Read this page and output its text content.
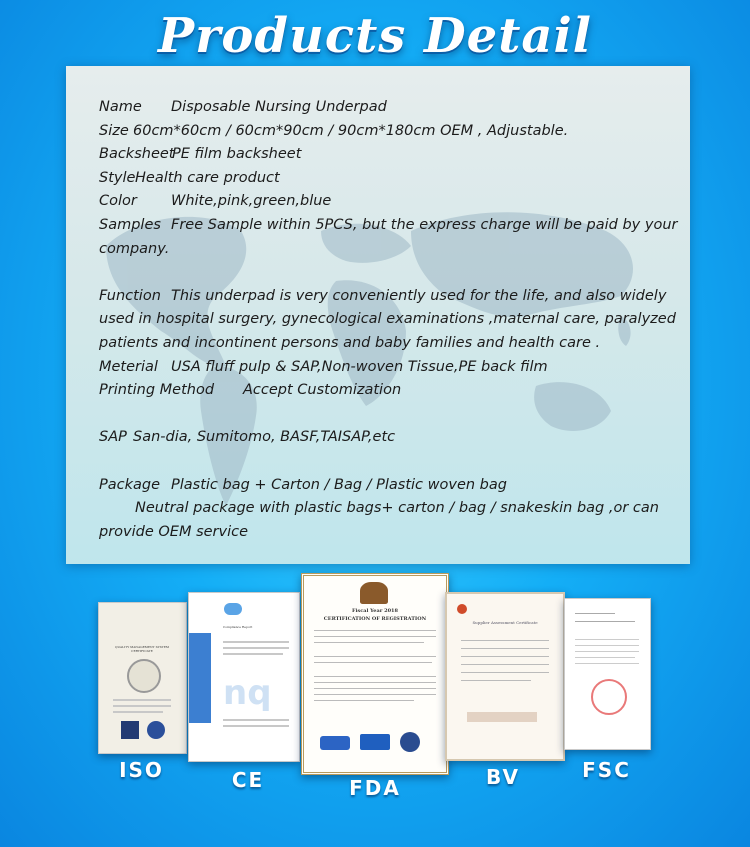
Products Detail
Name Disposable Nursing Underpad
Size 60cm*60cm / 60cm*90cm / 90cm*180cm OEM , Adjustable.
BacksheetPE film backsheet
StyleHealth care product
Color White,pink,green,blue
Samples Free Sample within 5PCS, but the express charge will be paid by your company.
Function This underpad is very conveniently used for the life, and also widely used in hospital surgery, gynecological examinations ,maternal care, paralyzed patients and incontinent persons and baby families and health care .
Meterial USA fluff pulp & SAP,Non-woven Tissue,PE back film
Printing Method Accept Customization
SAP San-dia, Sumitomo, BASF,TAISAP,etc
Package Plastic bag + Carton / Bag / Plastic woven bag
Neutral package with plastic bags+ carton / bag / snakeskin bag ,or can provide OEM service
QUALITY MANAGEMENT SYSTEM CERTIFICATE
ISO
Compliance Report
nq
CE
Fiscal Year 2018
CERTIFICATION OF REGISTRATION
FDA
Supplier Assessment Certificate
BV	FSC
